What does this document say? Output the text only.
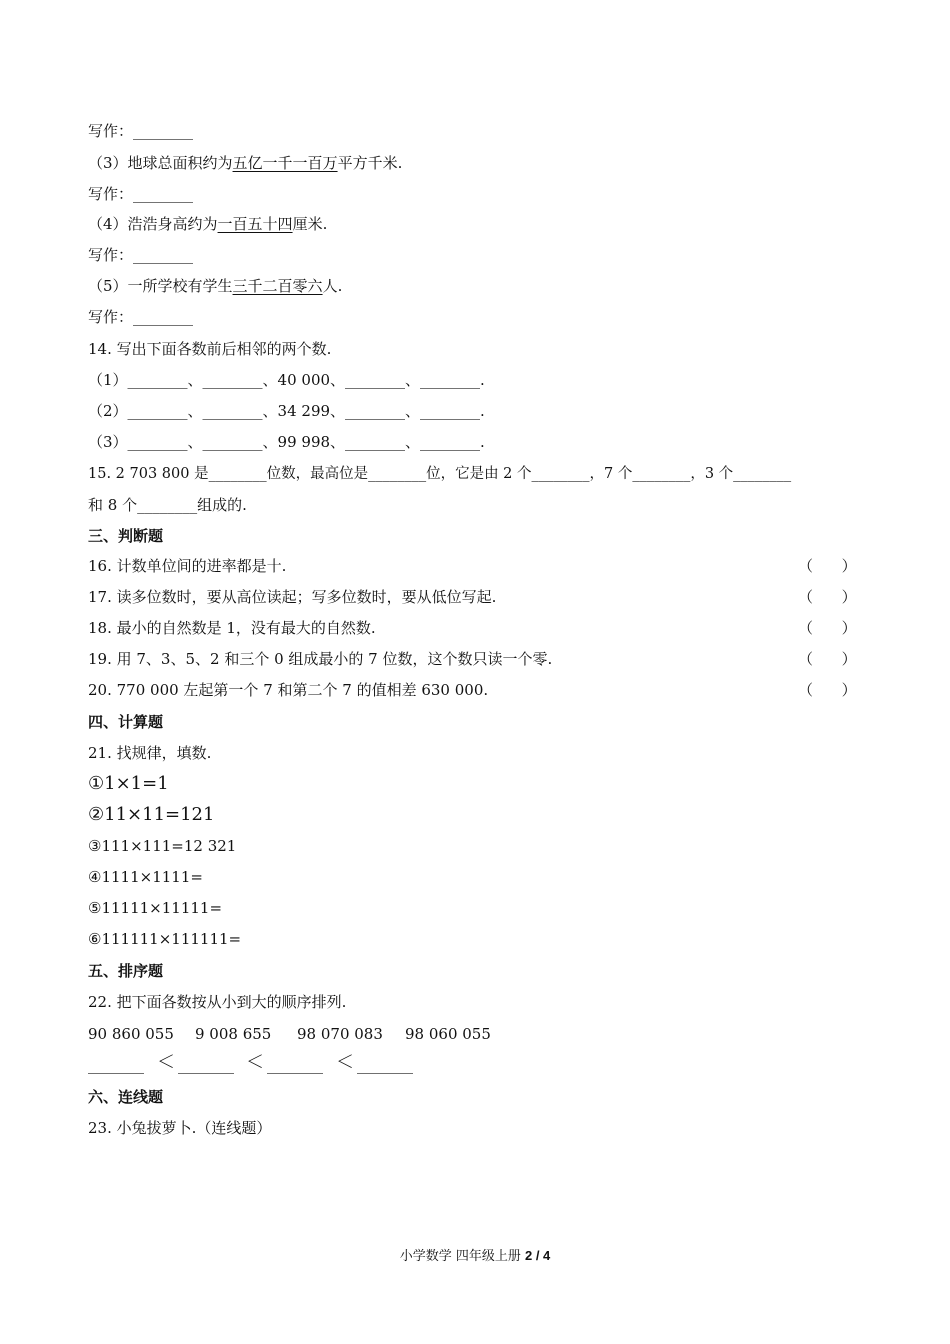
写作：________
（3）地球总面积约为五亿一千一百万平方千米.
写作：________
（4）浩浩身高约为一百五十四厘米.
写作：________
（5）一所学校有学生三千二百零六人.
写作：________
14. 写出下面各数前后相邻的两个数.
（1）________、________、40 000、________、________.
（2）________、________、34 299、________、________.
（3）________、________、99 998、________、________.
15. 2 703 800 是________位数，最高位是________位，它是由 2 个________，7 个________，3 个________
和 8 个________组成的.
三、判断题
16. 计数单位间的进率都是十.	（      ）
17. 读多位数时，要从高位读起；写多位数时，要从低位写起.	（      ）
18. 最小的自然数是 1，没有最大的自然数.	（      ）
19. 用 7、3、5、2 和三个 0 组成最小的 7 位数，这个数只读一个零.	（      ）
20. 770 000 左起第一个 7 和第二个 7 的值相差 630 000.	（      ）
四、计算题
21. 找规律，填数.
①1×1=1
②11×11=121
③111×111=12 321
④1111×1111=
⑤11111×11111=
⑥111111×111111=
五、排序题
22. 把下面各数按从小到大的顺序排列.
90 860 055 9 008 655 98 070 083 98 060 055
_______ ＜ _______ ＜ _______ ＜ _______
六、连线题
23. 小兔拔萝卜.（连线题）
小学数学 四年级上册 2 / 4
